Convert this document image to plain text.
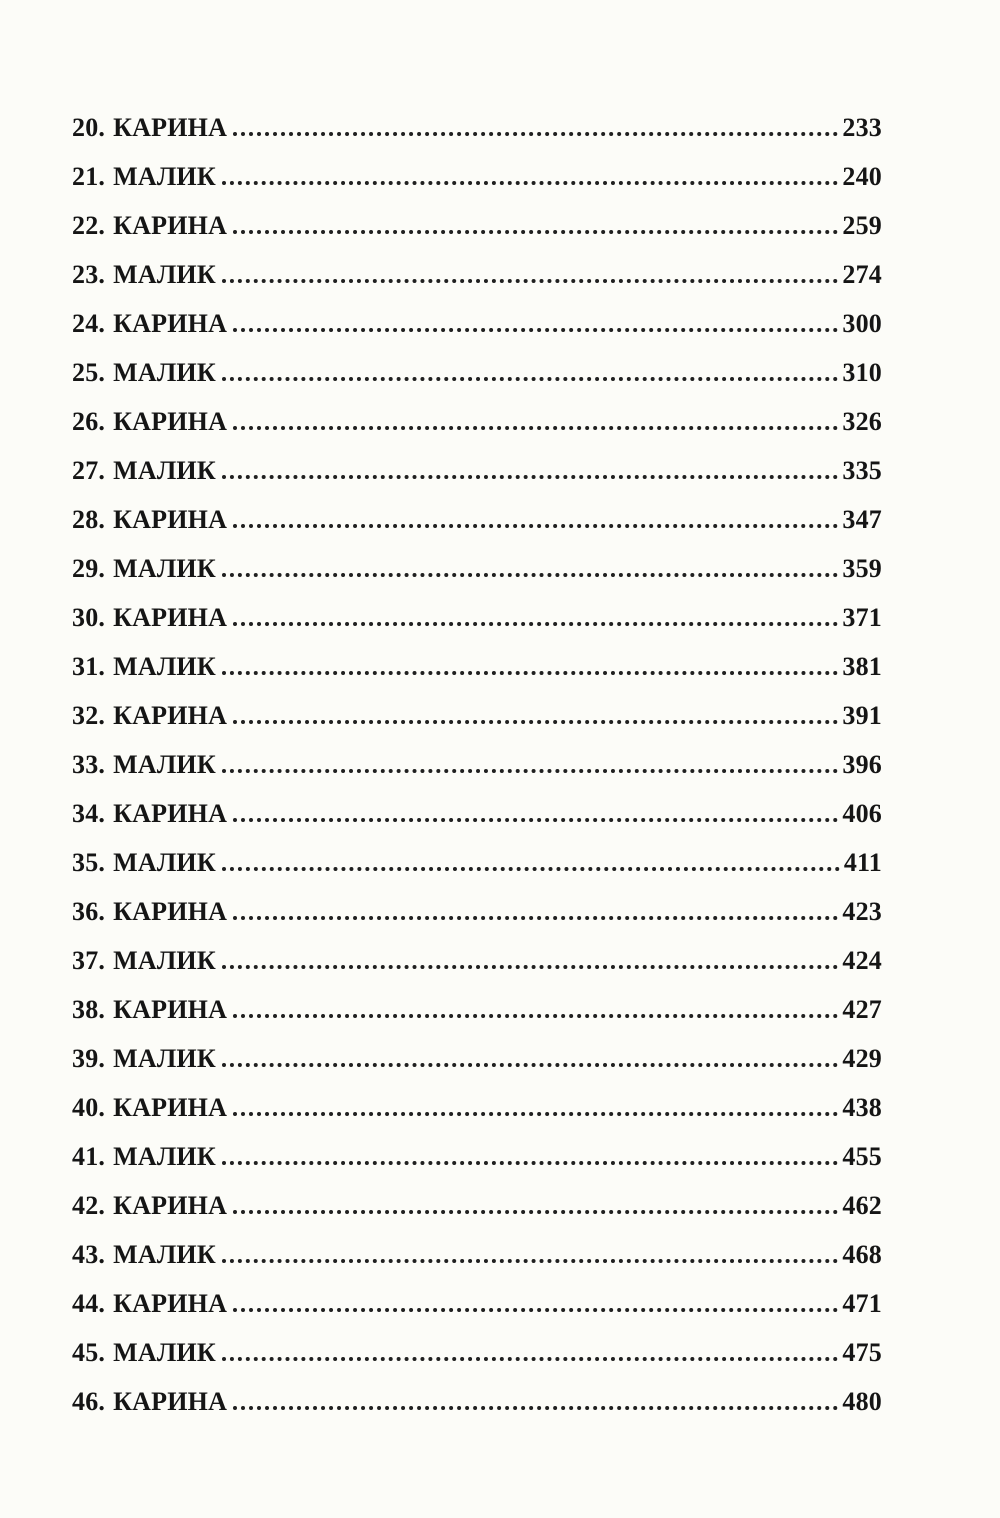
20. КАРИНА	233
21. МАЛИК	240
22. КАРИНА	259
23. МАЛИК	274
24. КАРИНА	300
25. МАЛИК	310
26. КАРИНА	326
27. МАЛИК	335
28. КАРИНА	347
29. МАЛИК	359
30. КАРИНА	371
31. МАЛИК	381
32. КАРИНА	391
33. МАЛИК	396
34. КАРИНА	406
35. МАЛИК	411
36. КАРИНА	423
37. МАЛИК	424
38. КАРИНА	427
39. МАЛИК	429
40. КАРИНА	438
41. МАЛИК	455
42. КАРИНА	462
43. МАЛИК	468
44. КАРИНА	471
45. МАЛИК	475
46. КАРИНА	480
